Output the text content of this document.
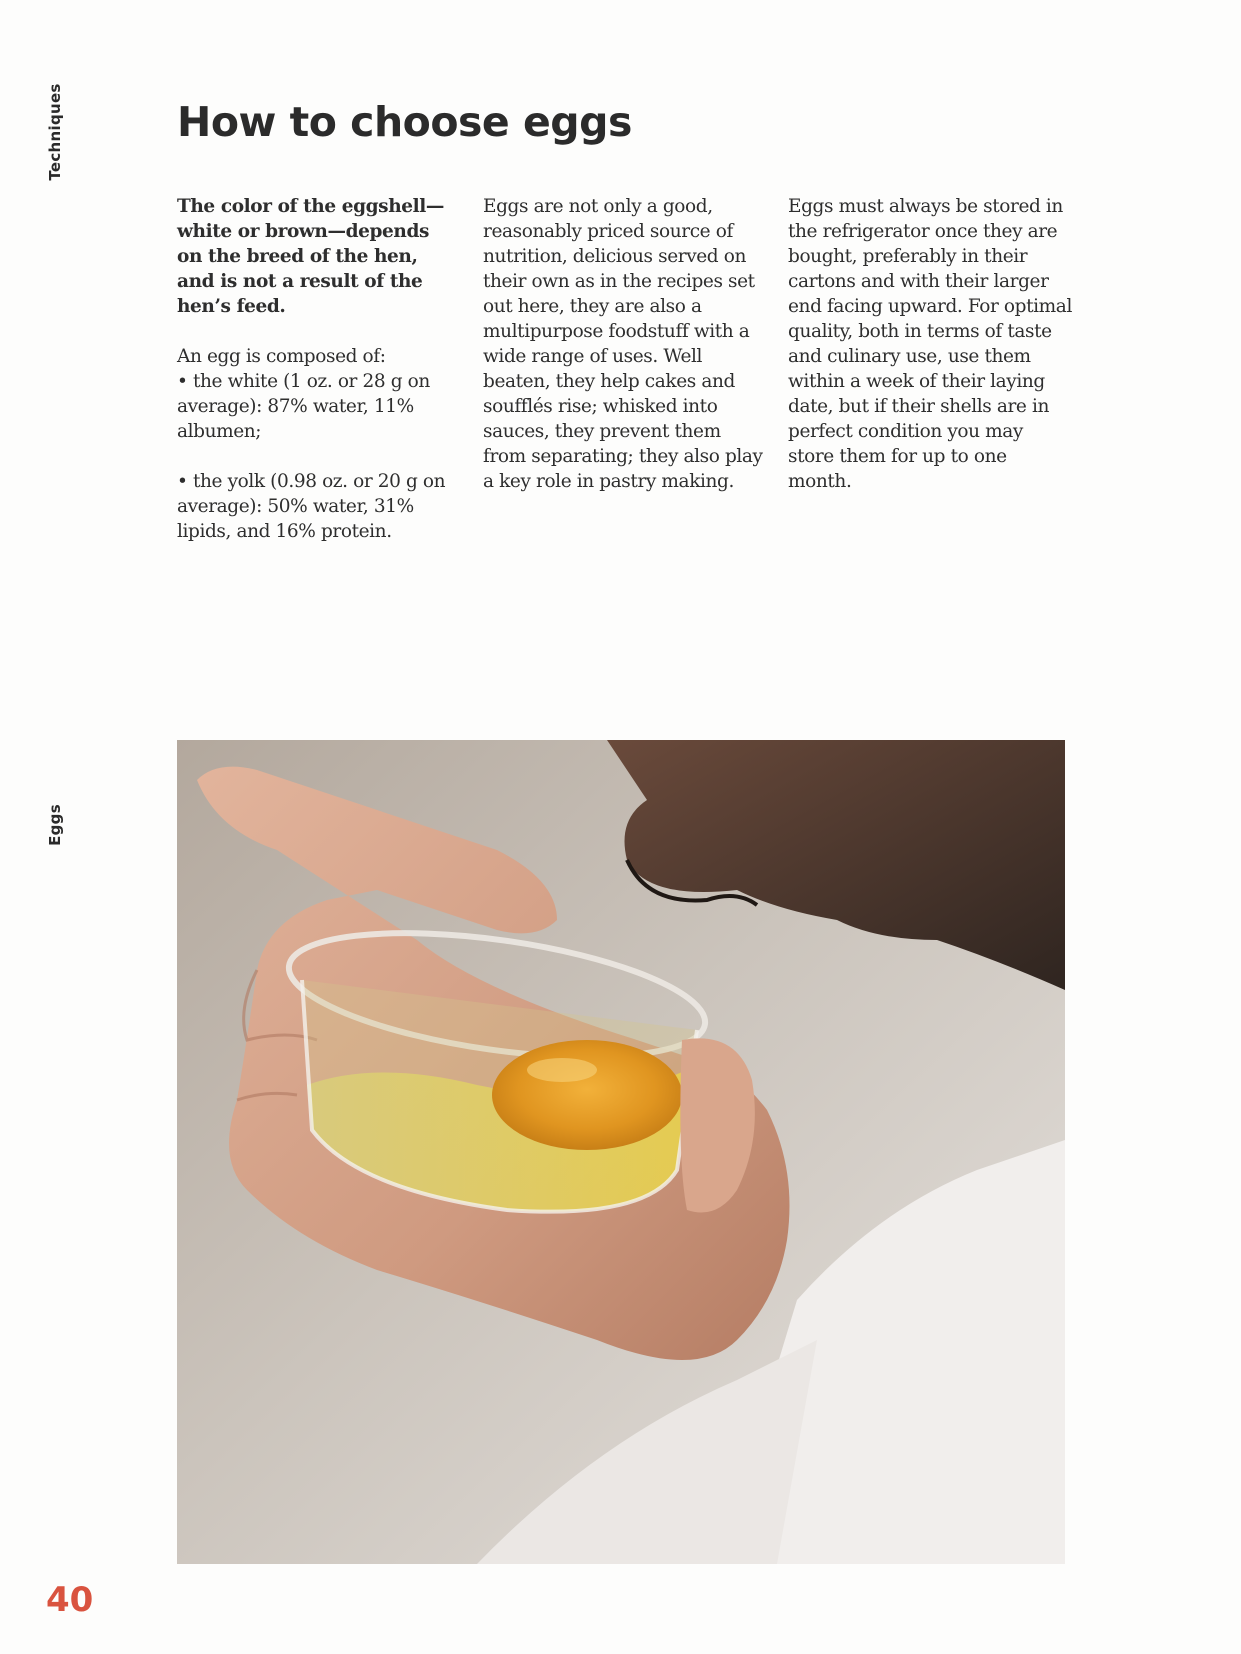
Techniques
Eggs
How to choose eggs

The color of the eggshell—white or brown—depends on the breed of the hen, and is not a result of the hen’s feed.

An egg is composed of:

• the white (1 oz. or 28 g on average): 87% water, 11% albumen;

• the yolk (0.98 oz. or 20 g on average): 50% water, 31% lipids, and 16% protein.

Eggs are not only a good, reasonably priced source of nutrition, delicious served on their own as in the recipes set out here, they are also a multipurpose foodstuff with a wide range of uses. Well beaten, they help cakes and soufflés rise; whisked into sauces, they prevent them from separating; they also play a key role in pastry making.

Eggs must always be stored in the refrigerator once they are bought, preferably in their cartons and with their larger end facing upward. For optimal quality, both in terms of taste and culinary use, use them within a week of their laying date, but if their shells are in perfect condition you may store them for up to one month.

40
